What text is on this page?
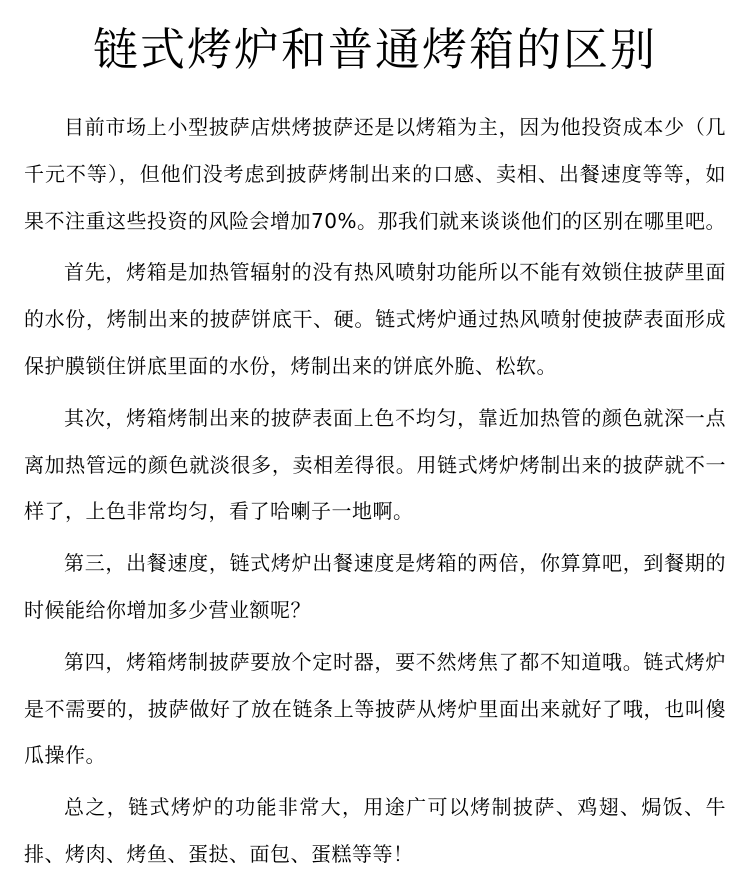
链式烤炉和普通烤箱的区别

目前市场上小型披萨店烘烤披萨还是以烤箱为主，因为他投资成本少（几千元不等），但他们没考虑到披萨烤制出来的口感、卖相、出餐速度等等，如果不注重这些投资的风险会增加70%。那我们就来谈谈他们的区别在哪里吧。

首先，烤箱是加热管辐射的没有热风喷射功能所以不能有效锁住披萨里面的水份，烤制出来的披萨饼底干、硬。链式烤炉通过热风喷射使披萨表面形成保护膜锁住饼底里面的水份，烤制出来的饼底外脆、松软。

其次，烤箱烤制出来的披萨表面上色不均匀，靠近加热管的颜色就深一点离加热管远的颜色就淡很多，卖相差得很。用链式烤炉烤制出来的披萨就不一样了，上色非常均匀，看了哈喇子一地啊。

第三，出餐速度，链式烤炉出餐速度是烤箱的两倍，你算算吧，到餐期的时候能给你增加多少营业额呢？

第四，烤箱烤制披萨要放个定时器，要不然烤焦了都不知道哦。链式烤炉是不需要的，披萨做好了放在链条上等披萨从烤炉里面出来就好了哦，也叫傻瓜操作。

总之，链式烤炉的功能非常大，用途广可以烤制披萨、鸡翅、焗饭、牛排、烤肉、烤鱼、蛋挞、面包、蛋糕等等！
